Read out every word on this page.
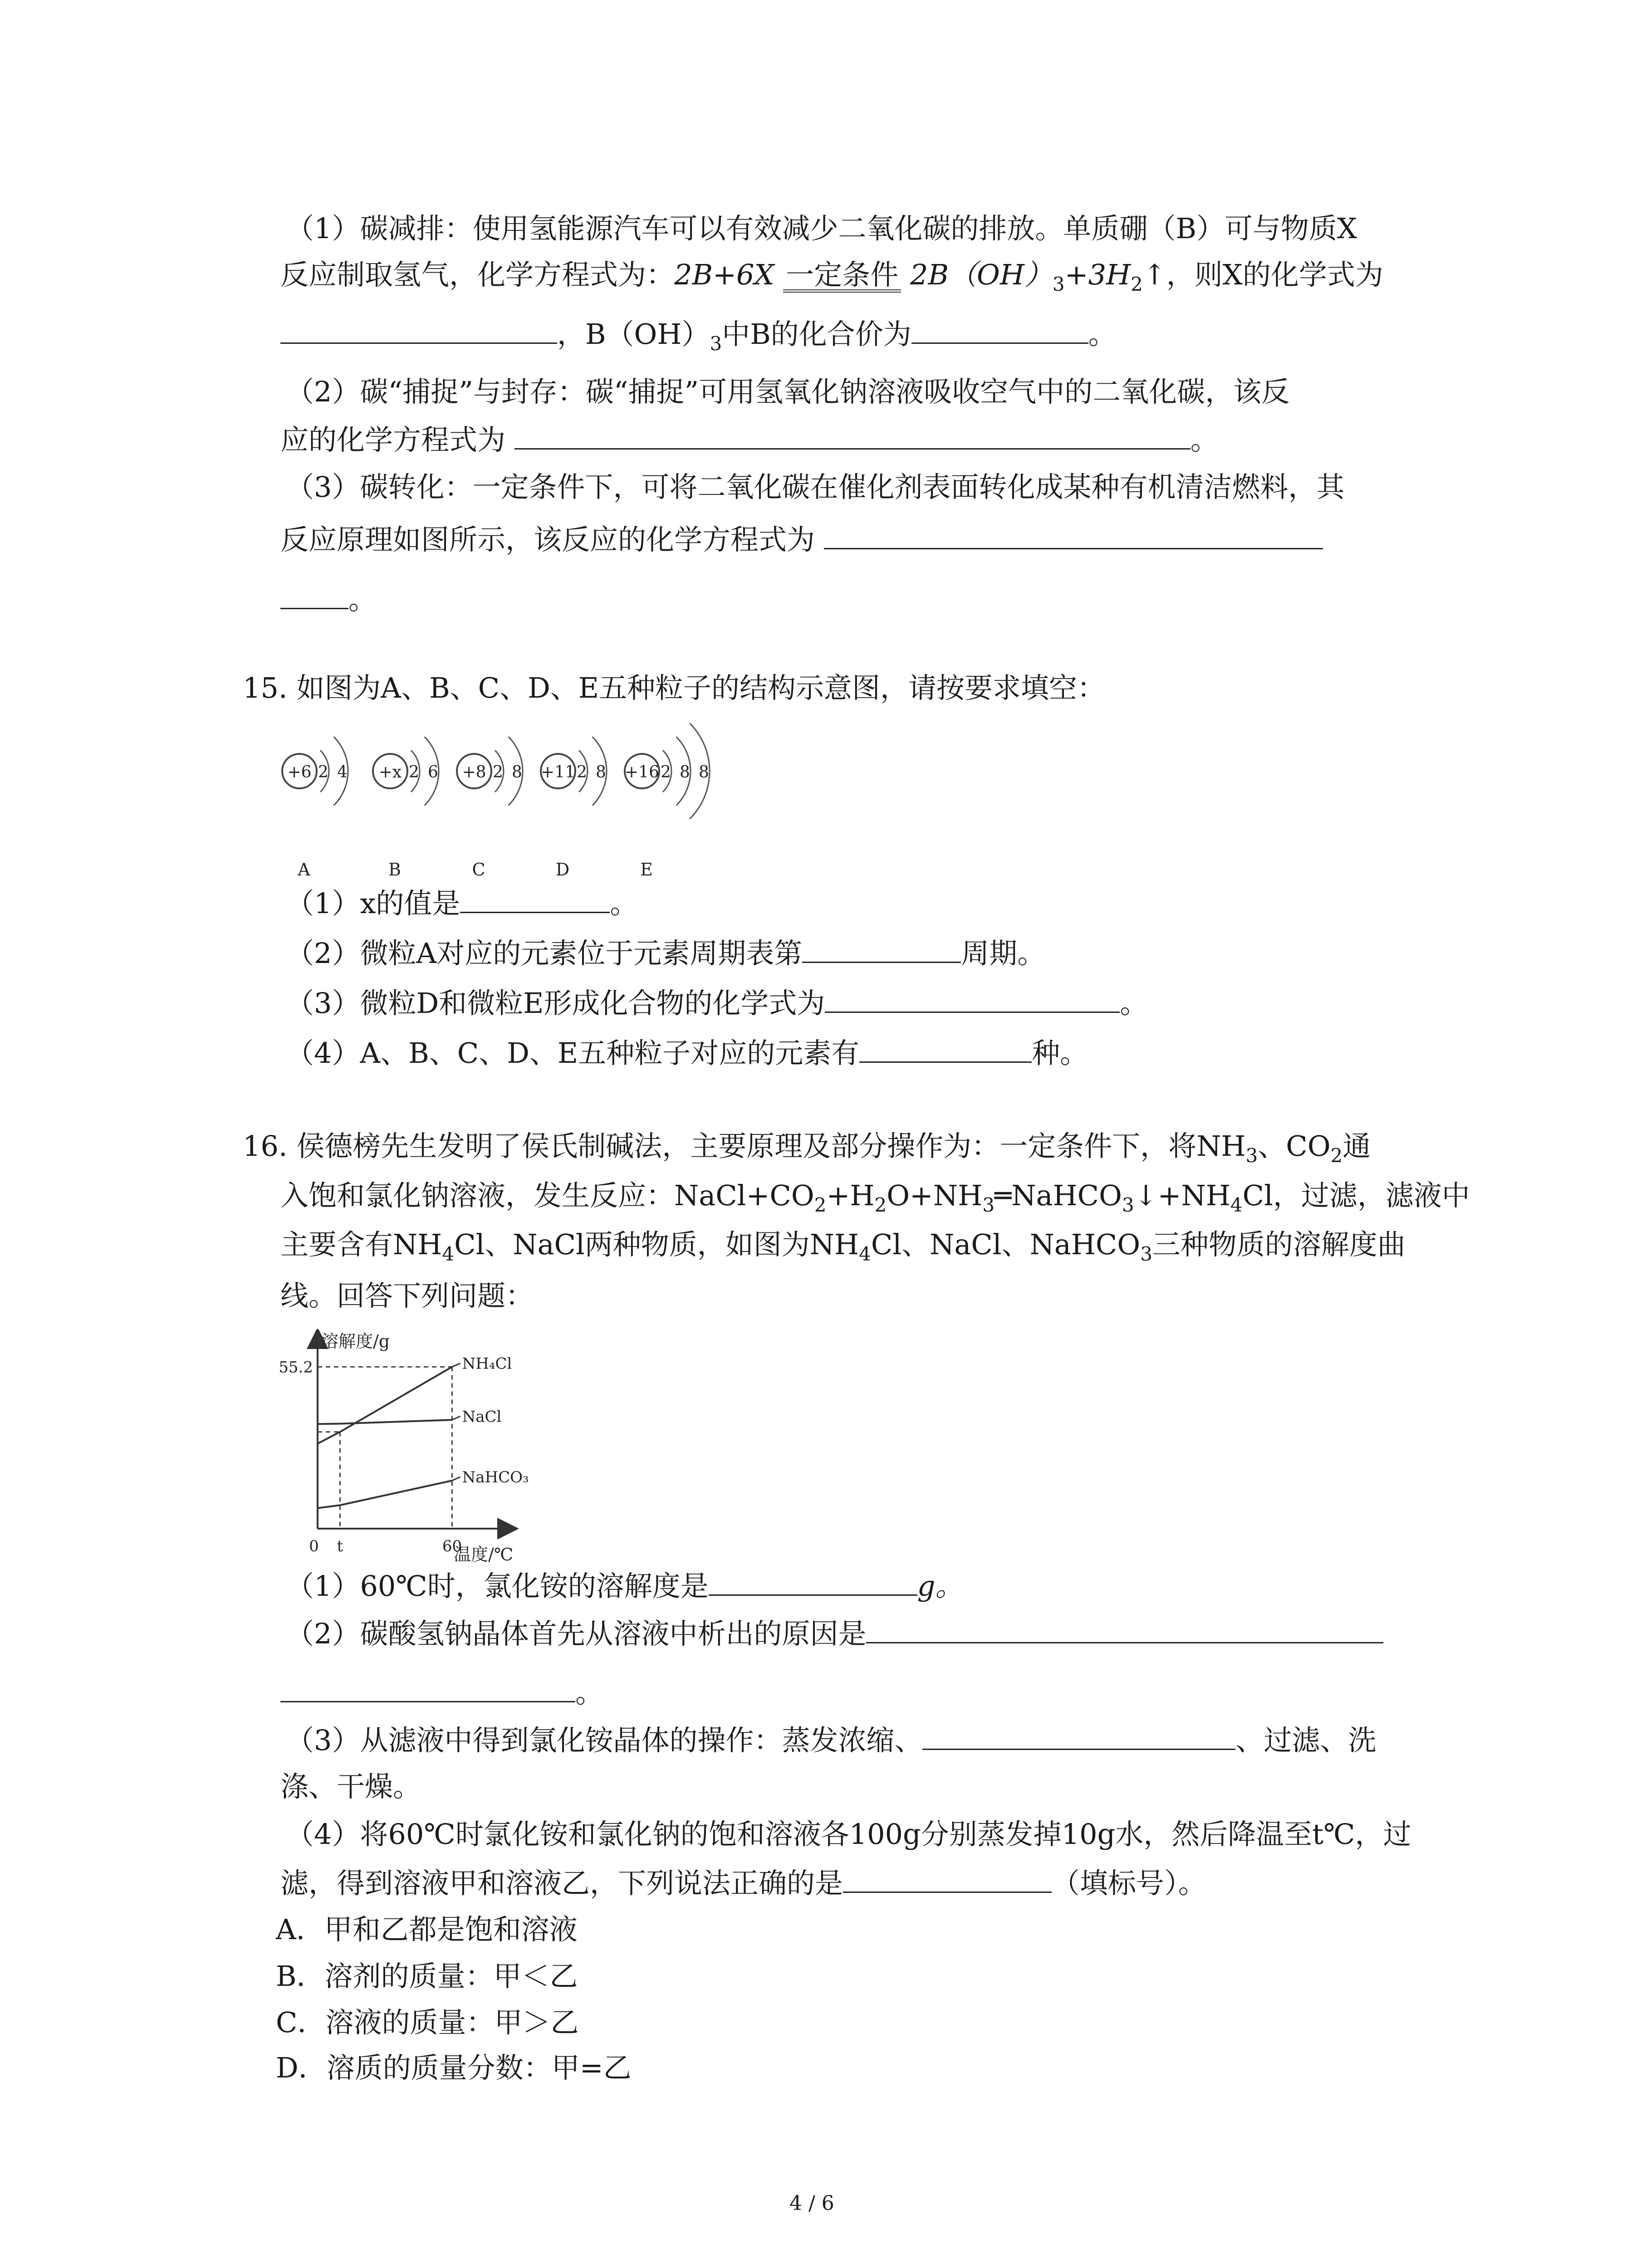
（1）碳减排：使用氢能源汽车可以有效减少二氧化碳的排放。单质硼（B）可与物质X
反应制取氢气，化学方程式为：2B+6X 一定条件 $2B(OH)_3+3H_2↑$，则X的化学式为
，$B(OH)_3$中B的化合价为	。
（2）碳“捕捉”与封存：碳“捕捉”可用氢氧化钠溶液吸收空气中的二氧化碳，该反
应的化学方程式为	。
（3）碳转化：一定条件下，可将二氧化碳在催化剂表面转化成某种有机清洁燃料，其
反应原理如图所示，该反应的化学方程式为
。
15. 如图为A、B、C、D、E五种粒子的结构示意图，请按要求填空：
+6 2 4
A
+x 2 6
B
+8 2 8
C
+11 2 8
D
+16 2 8 8
E
（1）x的值是	。
（2）微粒A对应的元素位于元素周期表第	周期。
（3）微粒D和微粒E形成化合物的化学式为	。
（4）A、B、C、D、E五种粒子对应的元素有	种。
16. 侯德榜先生发明了侯氏制碱法，主要原理及部分操作为：一定条件下，将$NH_3$、$CO_2$通
入饱和氯化钠溶液，发生反应：$NaCl+CO_2+H_2O+NH_3═NaHCO_3↓+NH_4Cl$，过滤，滤液中
主要含有$NH_4Cl$、NaCl两种物质，如图为$NH_4Cl$、NaCl、NaHCO$_3$三种物质的溶解度曲
线。回答下列问题：
溶解度/g
温度/℃
NH₄Cl
NaCl
NaHCO₃
55.2
0 t	60
（1）60℃时，氯化铵的溶解度是	g。
（2）碳酸氢钠晶体首先从溶液中析出的原因是
。
（3）从滤液中得到氯化铵晶体的操作：蒸发浓缩、	、过滤、洗
涤、干燥。
（4）将60℃时氯化铵和氯化钠的饱和溶液各100g分别蒸发掉10g水，然后降温至t℃，过
滤，得到溶液甲和溶液乙，下列说法正确的是	（填标号）。
A．甲和乙都是饱和溶液
B．溶剂的质量：甲＜乙
C．溶液的质量：甲＞乙
D．溶质的质量分数：甲=乙
4 / 6
